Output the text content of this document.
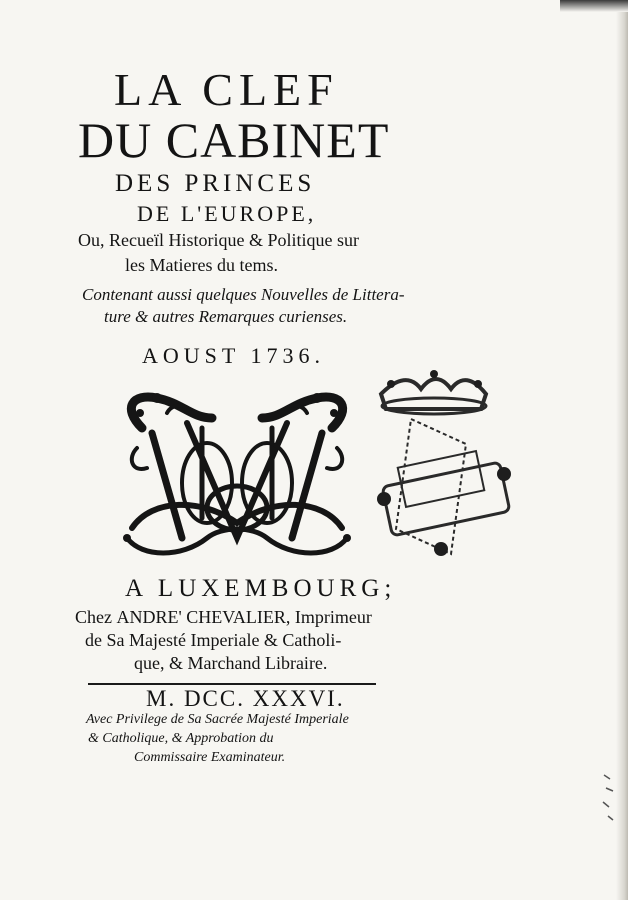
LA CLEF
DU CABINET
DES PRINCES
DE L'EUROPE,
Ou, Recueïl Historique & Politique sur
les Matieres du tems.
Contenant aussi quelques Nouvelles de Littera-
ture & autres Remarques curienses.
AOUST 1736.
A LUXEMBOURG;
Chez ANDRE' CHEVALIER, Imprimeur
de Sa Majesté Imperiale & Catholi-
que, & Marchand Libraire.
M. DCC. XXXVI.
Avec Privilege de Sa Sacrée Majesté Imperiale
& Catholique, & Approbation du
Commissaire Examinateur.
